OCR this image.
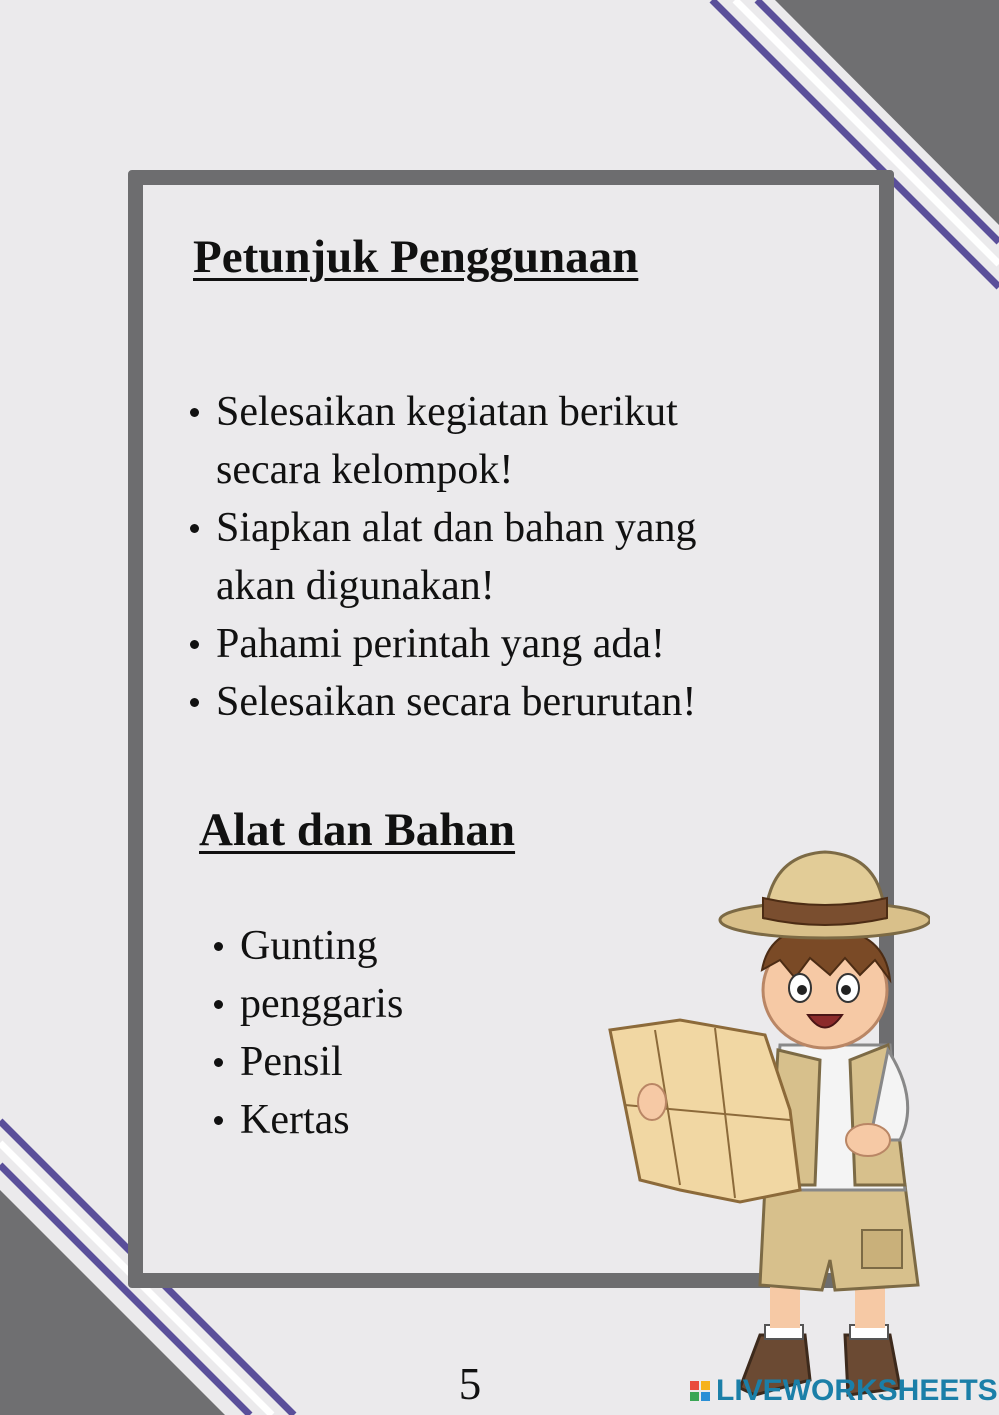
Petunjuk Penggunaan
Selesaikan kegiatan berikut secara kelompok!
Siapkan alat dan bahan yang akan digunakan!
Pahami perintah yang ada!
Selesaikan secara berurutan!
Alat dan Bahan
Gunting
penggaris
Pensil
Kertas
5	LIVEWORKSHEETS
